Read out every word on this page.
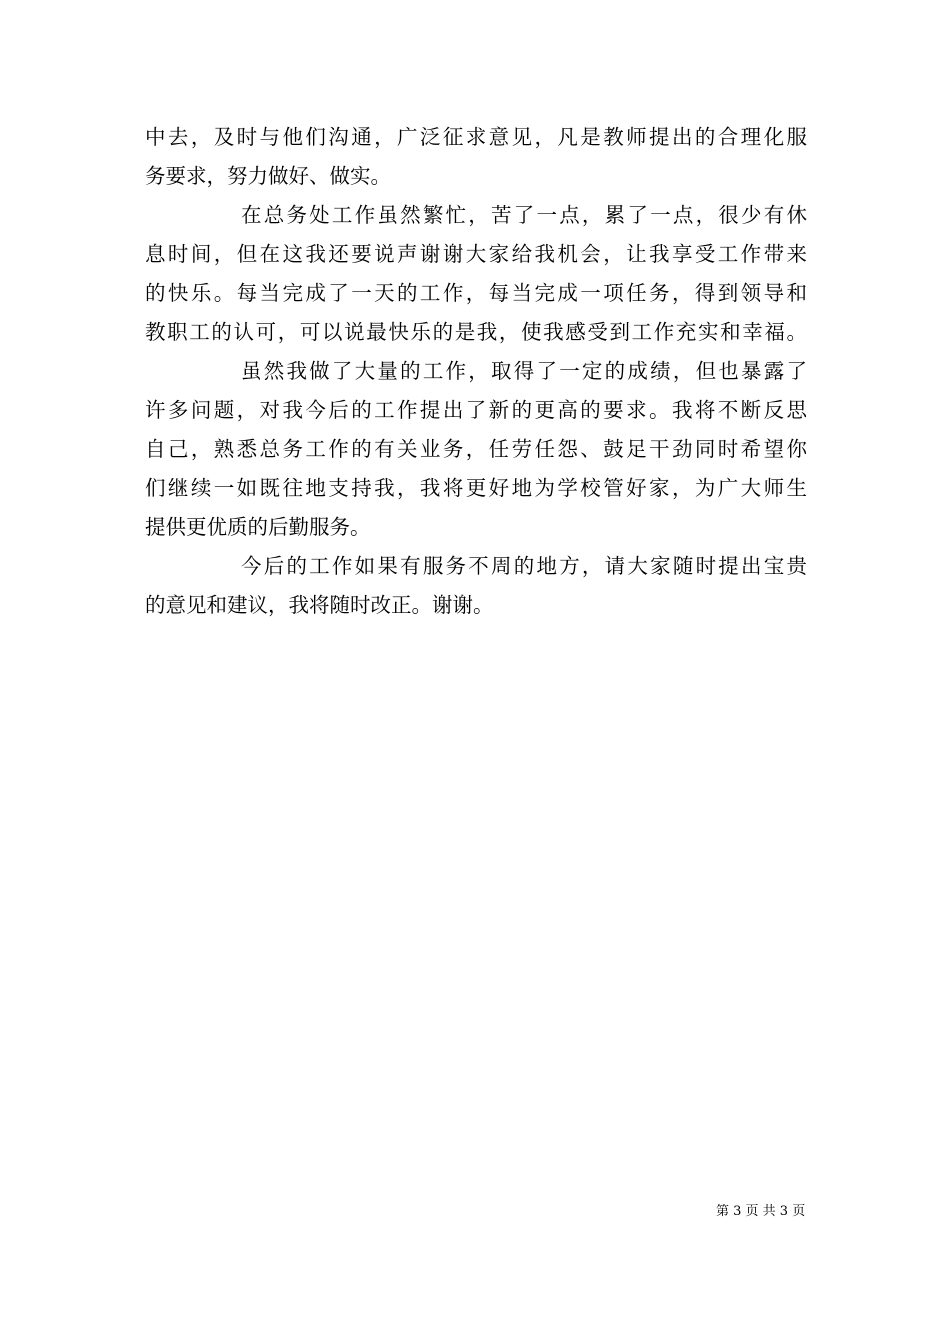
中去，及时与他们沟通，广泛征求意见，凡是教师提出的合理化服
务要求，努力做好、做实。
在总务处工作虽然繁忙，苦了一点，累了一点，很少有休
息时间，但在这我还要说声谢谢大家给我机会，让我享受工作带来
的快乐。每当完成了一天的工作，每当完成一项任务，得到领导和
教职工的认可，可以说最快乐的是我，使我感受到工作充实和幸福。
虽然我做了大量的工作，取得了一定的成绩，但也暴露了
许多问题，对我今后的工作提出了新的更高的要求。我将不断反思
自己，熟悉总务工作的有关业务，任劳任怨、鼓足干劲同时希望你
们继续一如既往地支持我，我将更好地为学校管好家，为广大师生
提供更优质的后勤服务。
今后的工作如果有服务不周的地方，请大家随时提出宝贵
的意见和建议，我将随时改正。谢谢。
第 3 页 共 3 页
